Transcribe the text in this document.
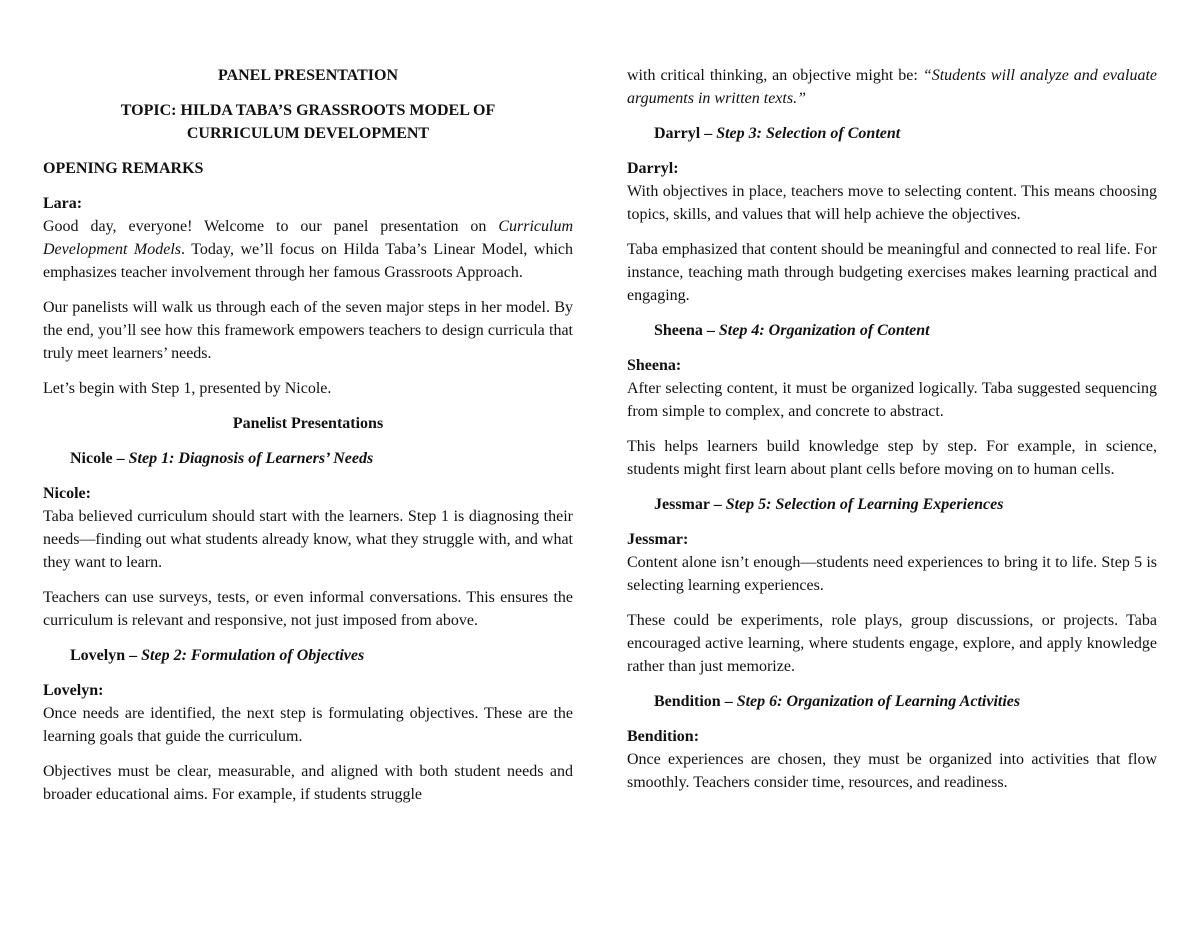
PANEL PRESENTATION

TOPIC: HILDA TABA’S GRASSROOTS MODEL OF
CURRICULUM DEVELOPMENT

OPENING REMARKS

Lara:

Good day, everyone! Welcome to our panel presentation on Curriculum Development Models. Today, we’ll focus on Hilda Taba’s Linear Model, which emphasizes teacher involvement through her famous Grassroots Approach.

Our panelists will walk us through each of the seven major steps in her model. By the end, you’ll see how this framework empowers teachers to design curricula that truly meet learners’ needs.

Let’s begin with Step 1, presented by Nicole.

Panelist Presentations

Nicole – Step 1: Diagnosis of Learners’ Needs

Nicole:

Taba believed curriculum should start with the learners. Step 1 is diagnosing their needs—finding out what students already know, what they struggle with, and what they want to learn.

Teachers can use surveys, tests, or even informal conversations. This ensures the curriculum is relevant and responsive, not just imposed from above.

Lovelyn – Step 2: Formulation of Objectives

Lovelyn:

Once needs are identified, the next step is formulating objectives. These are the learning goals that guide the curriculum.

Objectives must be clear, measurable, and aligned with both student needs and broader educational aims. For example, if students struggle

with critical thinking, an objective might be: “Students will analyze and evaluate arguments in written texts.”

Darryl – Step 3: Selection of Content

Darryl:

With objectives in place, teachers move to selecting content. This means choosing topics, skills, and values that will help achieve the objectives.

Taba emphasized that content should be meaningful and connected to real life. For instance, teaching math through budgeting exercises makes learning practical and engaging.

Sheena – Step 4: Organization of Content

Sheena:

After selecting content, it must be organized logically. Taba suggested sequencing from simple to complex, and concrete to abstract.

This helps learners build knowledge step by step. For example, in science, students might first learn about plant cells before moving on to human cells.

Jessmar – Step 5: Selection of Learning Experiences

Jessmar:

Content alone isn’t enough—students need experiences to bring it to life. Step 5 is selecting learning experiences.

These could be experiments, role plays, group discussions, or projects. Taba encouraged active learning, where students engage, explore, and apply knowledge rather than just memorize.

Bendition – Step 6: Organization of Learning Activities

Bendition:

Once experiences are chosen, they must be organized into activities that flow smoothly. Teachers consider time, resources, and readiness.
